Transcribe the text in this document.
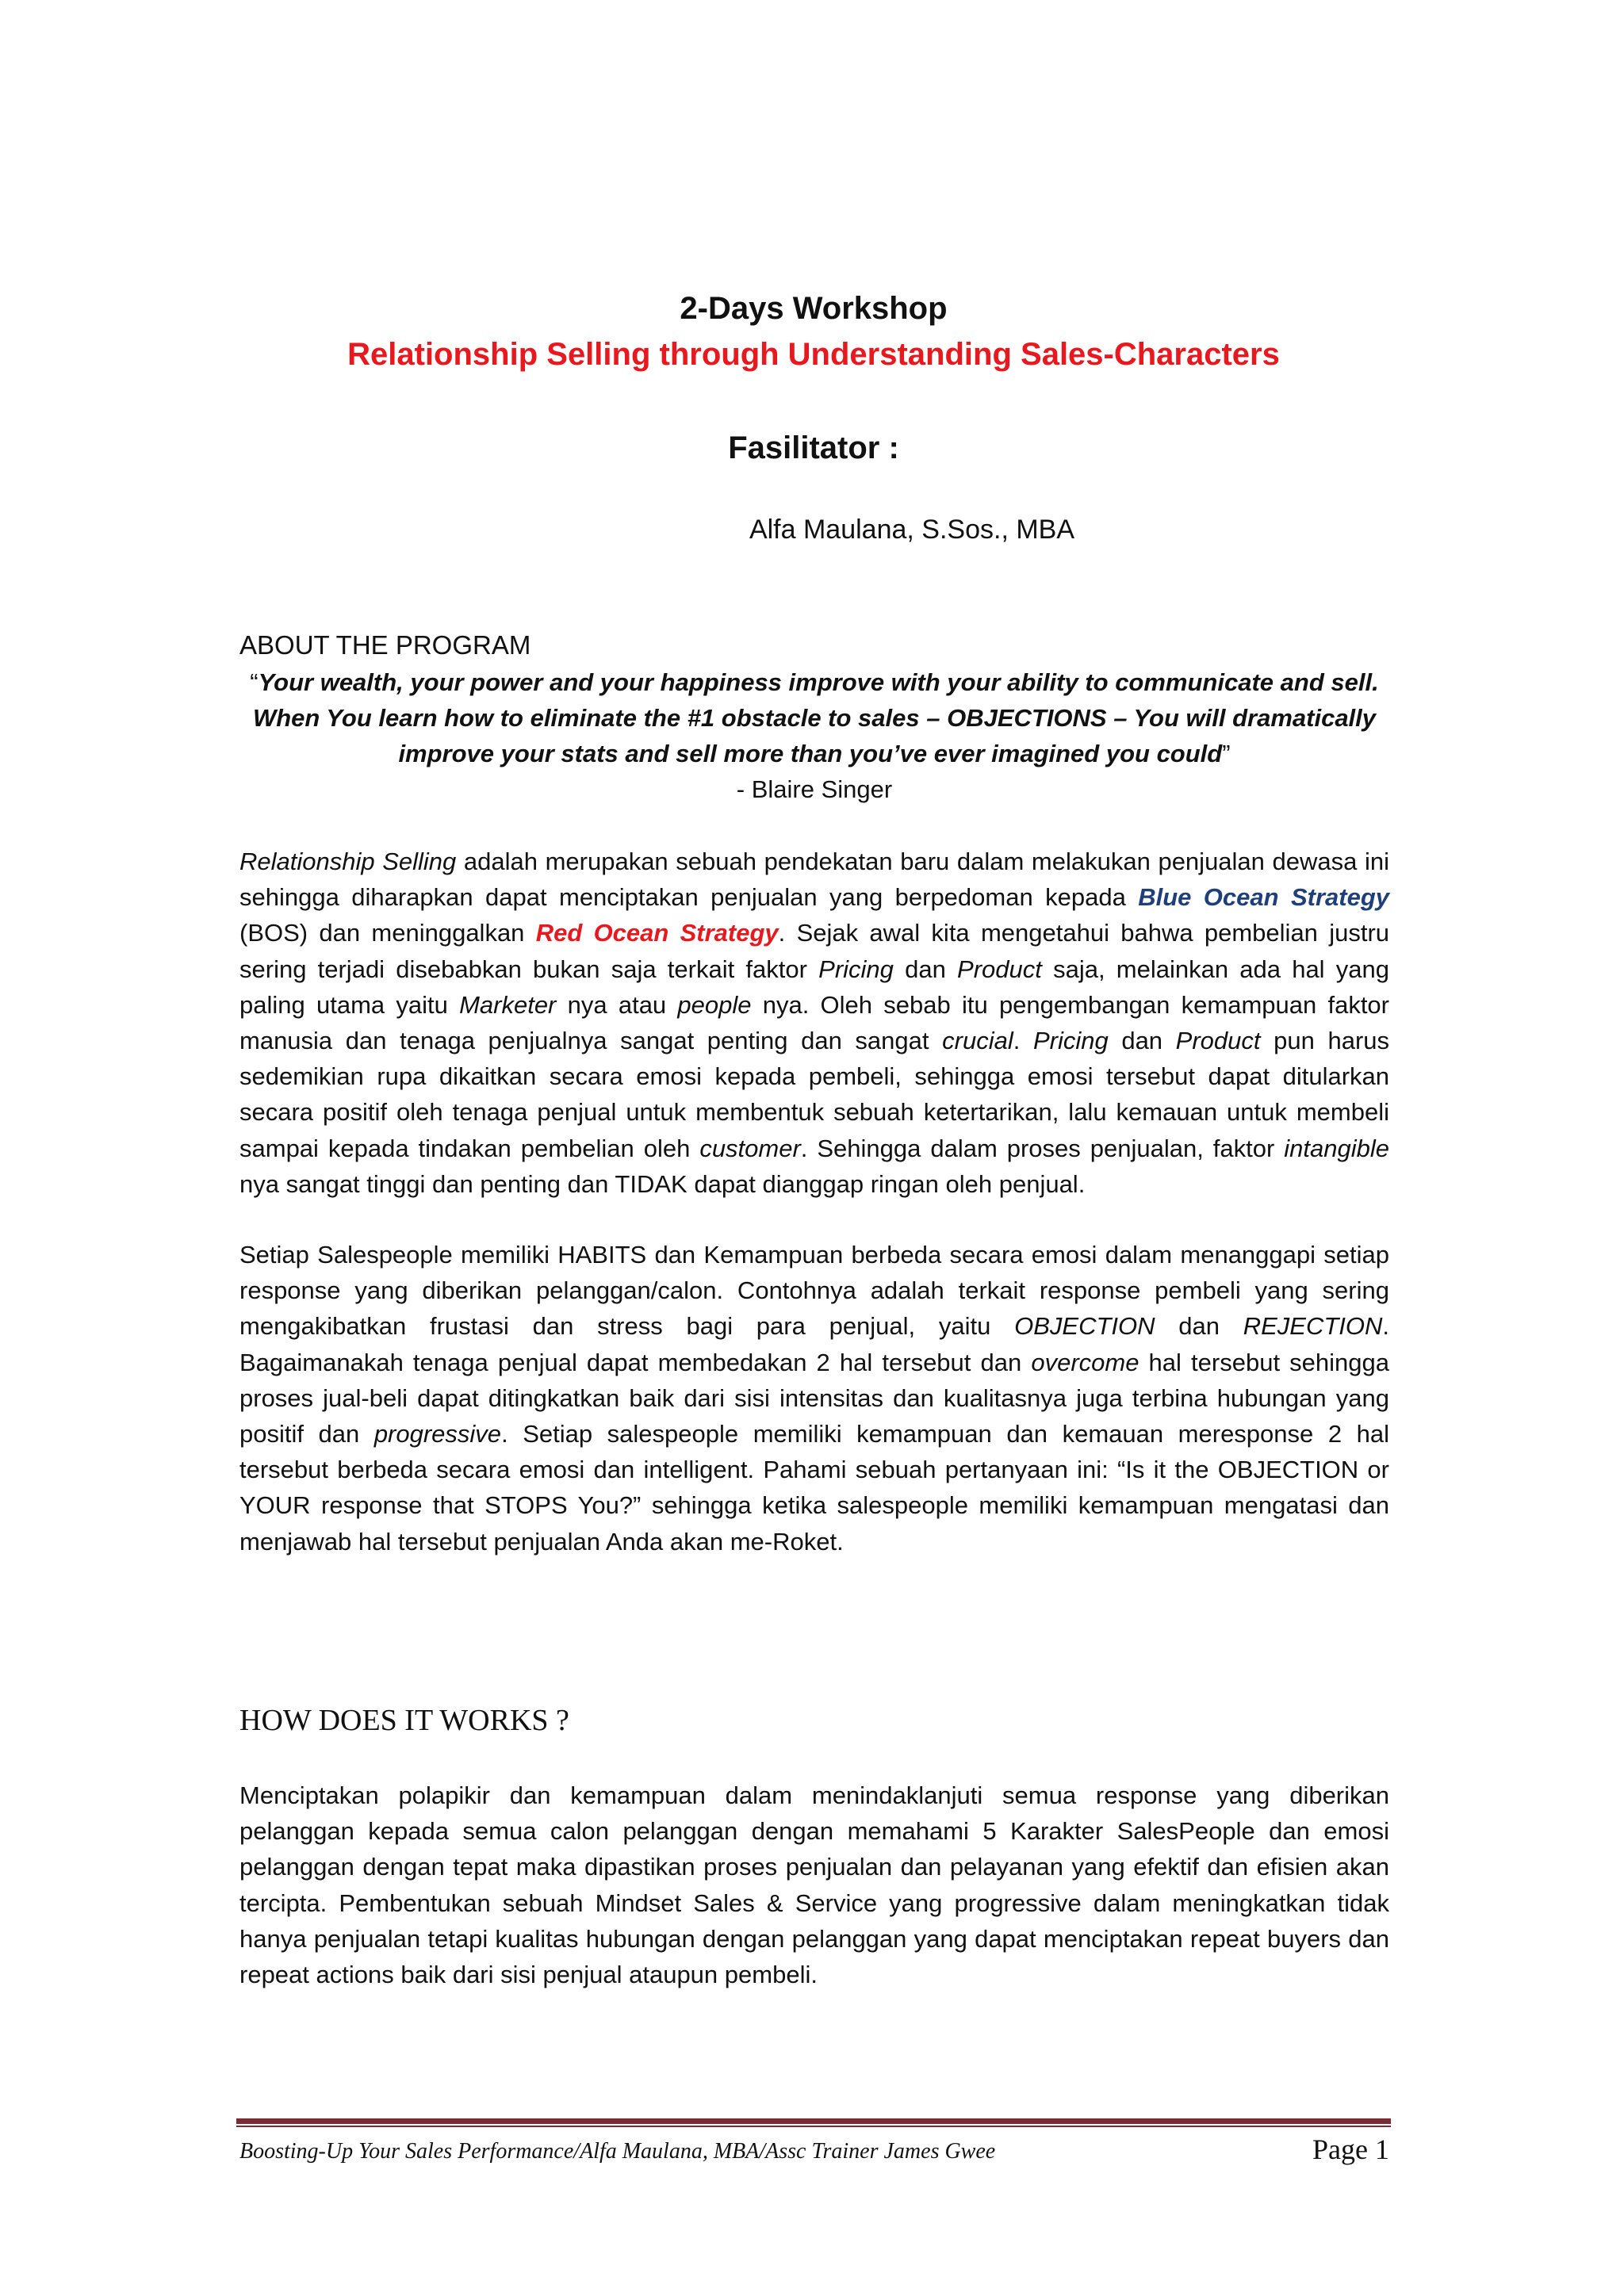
2-Days Workshop
Relationship Selling through Understanding Sales-Characters
Fasilitator :
Alfa Maulana, S.Sos., MBA
ABOUT THE PROGRAM
“Your wealth, your power and your happiness improve with your ability to communicate and sell. When You learn how to eliminate the #1 obstacle to sales – OBJECTIONS – You will dramatically improve your stats and sell more than you’ve ever imagined you could”
- Blaire Singer
Relationship Selling adalah merupakan sebuah pendekatan baru dalam melakukan penjualan dewasa ini sehingga diharapkan dapat menciptakan penjualan yang berpedoman kepada Blue Ocean Strategy (BOS) dan meninggalkan Red Ocean Strategy. Sejak awal kita mengetahui bahwa pembelian justru sering terjadi disebabkan bukan saja terkait faktor Pricing dan Product saja, melainkan ada hal yang paling utama yaitu Marketer nya atau people nya. Oleh sebab itu pengembangan kemampuan faktor manusia dan tenaga penjualnya sangat penting dan sangat crucial. Pricing dan Product pun harus sedemikian rupa dikaitkan secara emosi kepada pembeli, sehingga emosi tersebut dapat ditularkan secara positif oleh tenaga penjual untuk membentuk sebuah ketertarikan, lalu kemauan untuk membeli sampai kepada tindakan pembelian oleh customer. Sehingga dalam proses penjualan, faktor intangible nya sangat tinggi dan penting dan TIDAK dapat dianggap ringan oleh penjual.
Setiap Salespeople memiliki HABITS dan Kemampuan berbeda secara emosi dalam menanggapi setiap response yang diberikan pelanggan/calon. Contohnya adalah terkait response pembeli yang sering mengakibatkan frustasi dan stress bagi para penjual, yaitu OBJECTION dan REJECTION. Bagaimanakah tenaga penjual dapat membedakan 2 hal tersebut dan overcome hal tersebut sehingga proses jual-beli dapat ditingkatkan baik dari sisi intensitas dan kualitasnya juga terbina hubungan yang positif dan progressive. Setiap salespeople memiliki kemampuan dan kemauan meresponse 2 hal tersebut berbeda secara emosi dan intelligent. Pahami sebuah pertanyaan ini: “Is it the OBJECTION or YOUR response that STOPS You?” sehingga ketika salespeople memiliki kemampuan mengatasi dan menjawab hal tersebut penjualan Anda akan me-Roket.
HOW DOES IT WORKS ?
Menciptakan polapikir dan kemampuan dalam menindaklanjuti semua response yang diberikan pelanggan kepada semua calon pelanggan dengan memahami 5 Karakter SalesPeople dan emosi pelanggan dengan tepat maka dipastikan proses penjualan dan pelayanan yang efektif dan efisien akan tercipta. Pembentukan sebuah Mindset Sales & Service yang progressive dalam meningkatkan tidak hanya penjualan tetapi kualitas hubungan dengan pelanggan yang dapat menciptakan repeat buyers dan repeat actions baik dari sisi penjual ataupun pembeli.
Boosting-Up Your Sales Performance/Alfa Maulana, MBA/Assc Trainer James Gwee	Page 1
